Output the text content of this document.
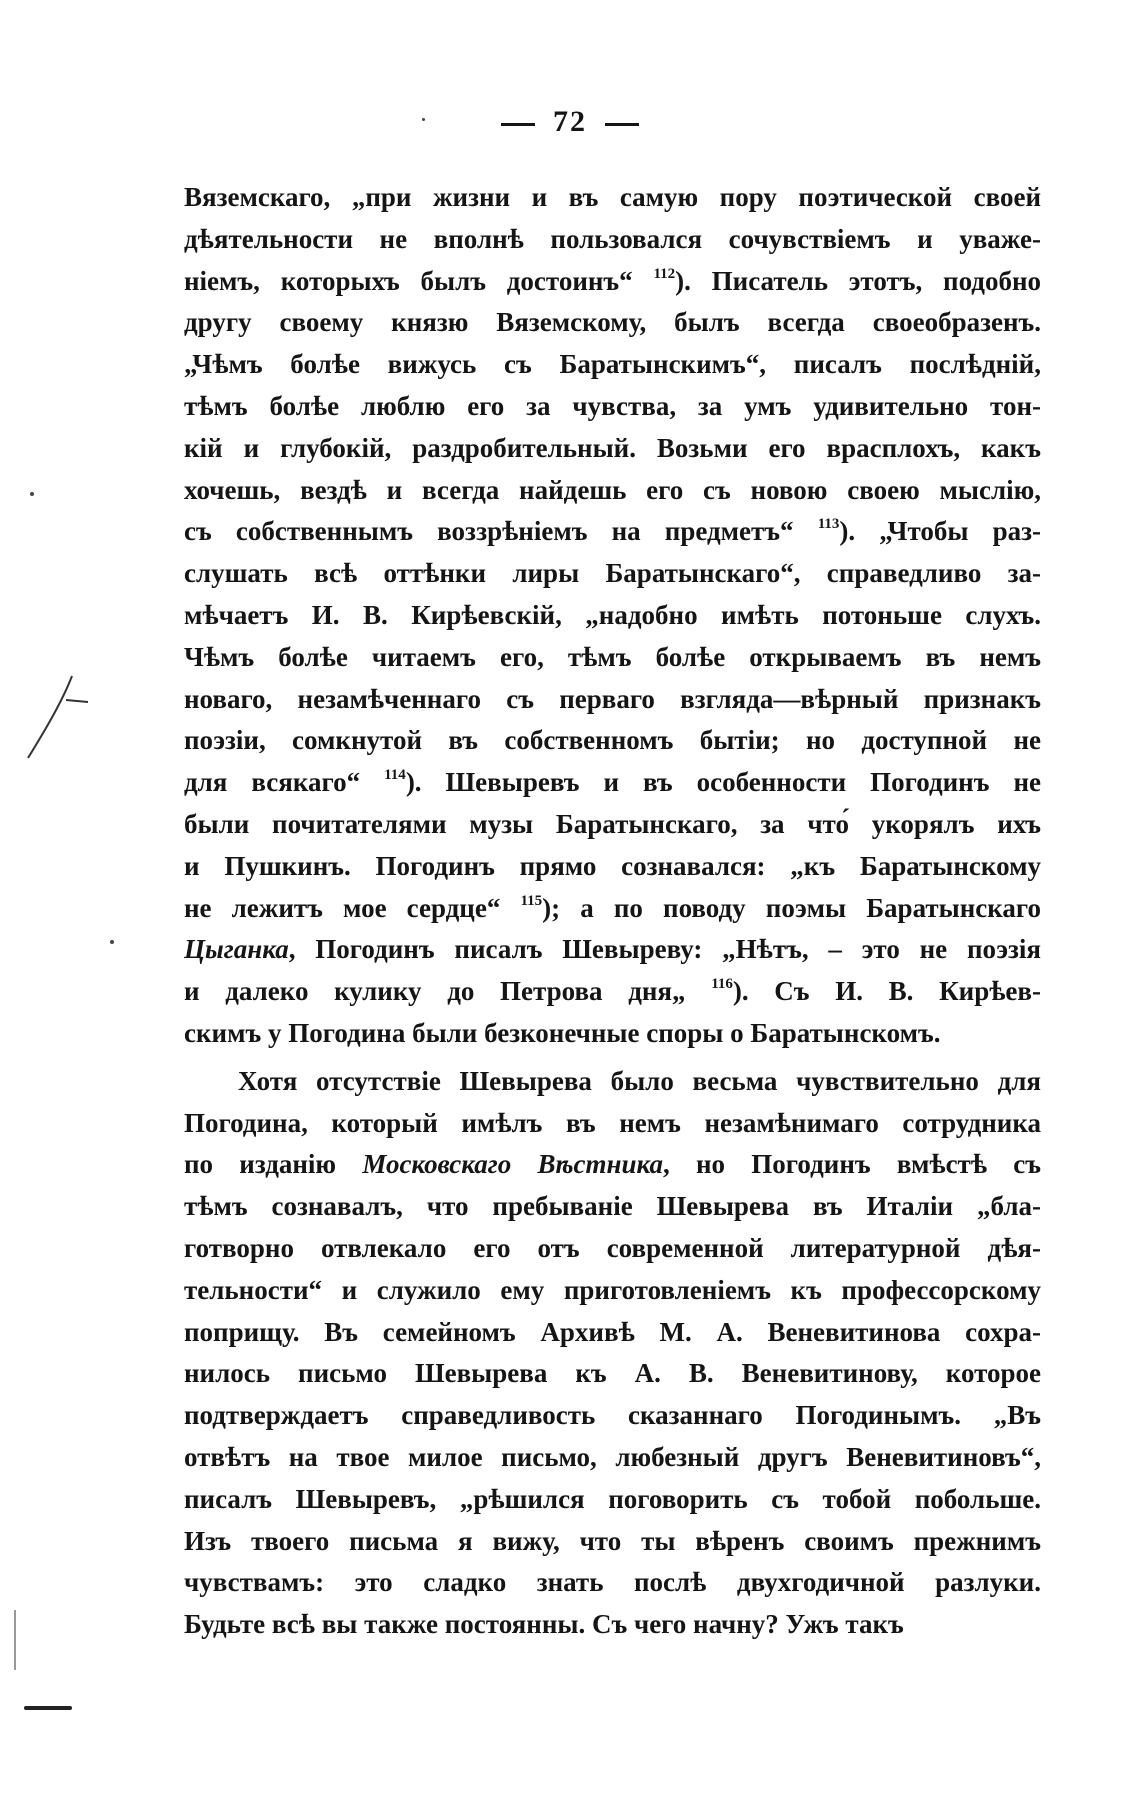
72
Вяземскаго, „при жизни и въ самую пору поэтической своей
дѣятельности не вполнѣ пользовался сочувствіемъ и уваже-
ніемъ, которыхъ былъ достоинъ“ $^{112}$). Писатель этотъ, подобно
другу своему князю Вяземскому, былъ всегда своеобразенъ.
„Чѣмъ болѣе вижусь съ Баратынскимъ“, писалъ послѣдній,
тѣмъ болѣе люблю его за чувства, за умъ удивительно тон-
кій и глубокій, раздробительный. Возьми его врасплохъ, какъ
хочешь, вездѣ и всегда найдешь его съ новою своею мыслію,
съ собственнымъ воззрѣніемъ на предметъ“ $^{113}$). „Чтобы раз-
слушать всѣ оттѣнки лиры Баратынскаго“, справедливо за-
мѣчаетъ И. В. Кирѣевскій, „надобно имѣть потоньше слухъ.
Чѣмъ болѣе читаемъ его, тѣмъ болѣе открываемъ въ немъ
новаго, незамѣченнаго съ перваго взгляда—вѣрный признакъ
поэзіи, сомкнутой въ собственномъ бытіи; но доступной не
для всякаго“ $^{114}$). Шевыревъ и въ особенности Погодинъ не
были почитателями музы Баратынскаго, за что́ укорялъ ихъ
и Пушкинъ. Погодинъ прямо сознавался: „къ Баратынскому
не лежитъ мое сердце“ $^{115}$); а по поводу поэмы Баратынскаго
Цыганка, Погодинъ писалъ Шевыреву: „Нѣтъ, – это не поэзія
и далеко кулику до Петрова дня„ $^{116}$). Съ И. В. Кирѣев-
скимъ у Погодина были безконечные споры о Баратынскомъ.
Хотя отсутствіе Шевырева было весьма чувствительно для
Погодина, который имѣлъ въ немъ незамѣнимаго сотрудника
по изданію Московскаго Вѣстника, но Погодинъ вмѣстѣ съ
тѣмъ сознавалъ, что пребываніе Шевырева въ Италіи „бла-
готворно отвлекало его отъ современной литературной дѣя-
тельности“ и служило ему приготовленіемъ къ профессорскому
поприщу. Въ семейномъ Архивѣ М. А. Веневитинова сохра-
нилось письмо Шевырева къ А. В. Веневитинову, которое
подтверждаетъ справедливость сказаннаго Погодинымъ. „Въ
отвѣтъ на твое милое письмо, любезный другъ Веневитиновъ“,
писалъ Шевыревъ, „рѣшился поговорить съ тобой побольше.
Изъ твоего письма я вижу, что ты вѣренъ своимъ прежнимъ
чувствамъ: это сладко знать послѣ двухгодичной разлуки.
Будьте всѣ вы также постоянны. Съ чего начну? Ужъ такъ
